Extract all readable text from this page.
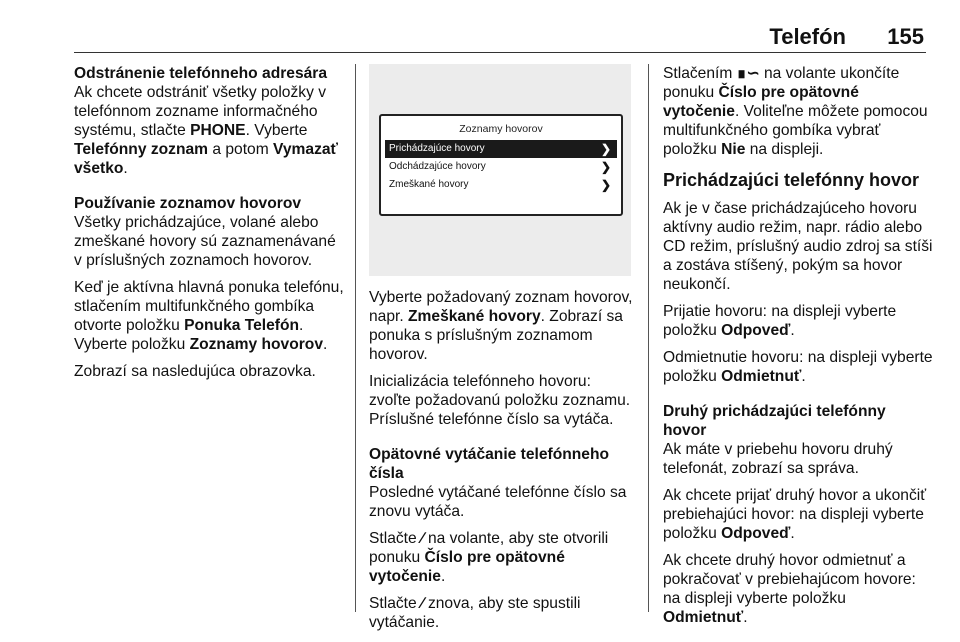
Telefón 155
Odstránenie telefónneho adresára

Ak chcete odstrániť všetky položky v telefónnom zozname informačného systému, stlačte PHONE. Vyberte Telefónny zoznam a potom Vymazať všetko.

Používanie zoznamov hovorov

Všetky prichádzajúce, volané alebo zmeškané hovory sú zaznamenávané v príslušných zoznamoch hovorov.

Keď je aktívna hlavná ponuka telefónu, stlačením multifunkčného gombíka otvorte položku Ponuka Telefón. Vyberte položku Zoznamy hovorov.

Zobrazí sa nasledujúca obrazovka.

Zoznamy hovorov
Prichádzajúce hovory	❯
Odchádzajúce hovory	❯
Zmeškané hovory	❯

Vyberte požadovaný zoznam hovorov, napr. Zmeškané hovory. Zobrazí sa ponuka s príslušným zoznamom hovorov.

Inicializácia telefónneho hovoru: zvoľte požadovanú položku zoznamu. Príslušné telefónne číslo sa vytáča.

Opätovné vytáčanie telefónneho čísla

Posledné vytáčané telefónne číslo sa znovu vytáča.

Stlačte ∕ na volante, aby ste otvorili ponuku Číslo pre opätovné vytočenie.

Stlačte ∕ znova, aby ste spustili vytáčanie.

Stlačením ∎∽ na volante ukončíte ponuku Číslo pre opätovné vytočenie. Voliteľne môžete pomocou multifunkčného gombíka vybrať položku Nie na displeji.

Prichádzajúci telefónny hovor

Ak je v čase prichádzajúceho hovoru aktívny audio režim, napr. rádio alebo CD režim, príslušný audio zdroj sa stíši a zostáva stíšený, pokým sa hovor neukončí.

Prijatie hovoru: na displeji vyberte položku Odpoveď.

Odmietnutie hovoru: na displeji vyberte položku Odmietnuť.

Druhý prichádzajúci telefónny hovor

Ak máte v priebehu hovoru druhý telefonát, zobrazí sa správa.

Ak chcete prijať druhý hovor a ukončiť prebiehajúci hovor: na displeji vyberte položku Odpoveď.

Ak chcete druhý hovor odmietnuť a pokračovať v prebiehajúcom hovore: na displeji vyberte položku Odmietnuť.
